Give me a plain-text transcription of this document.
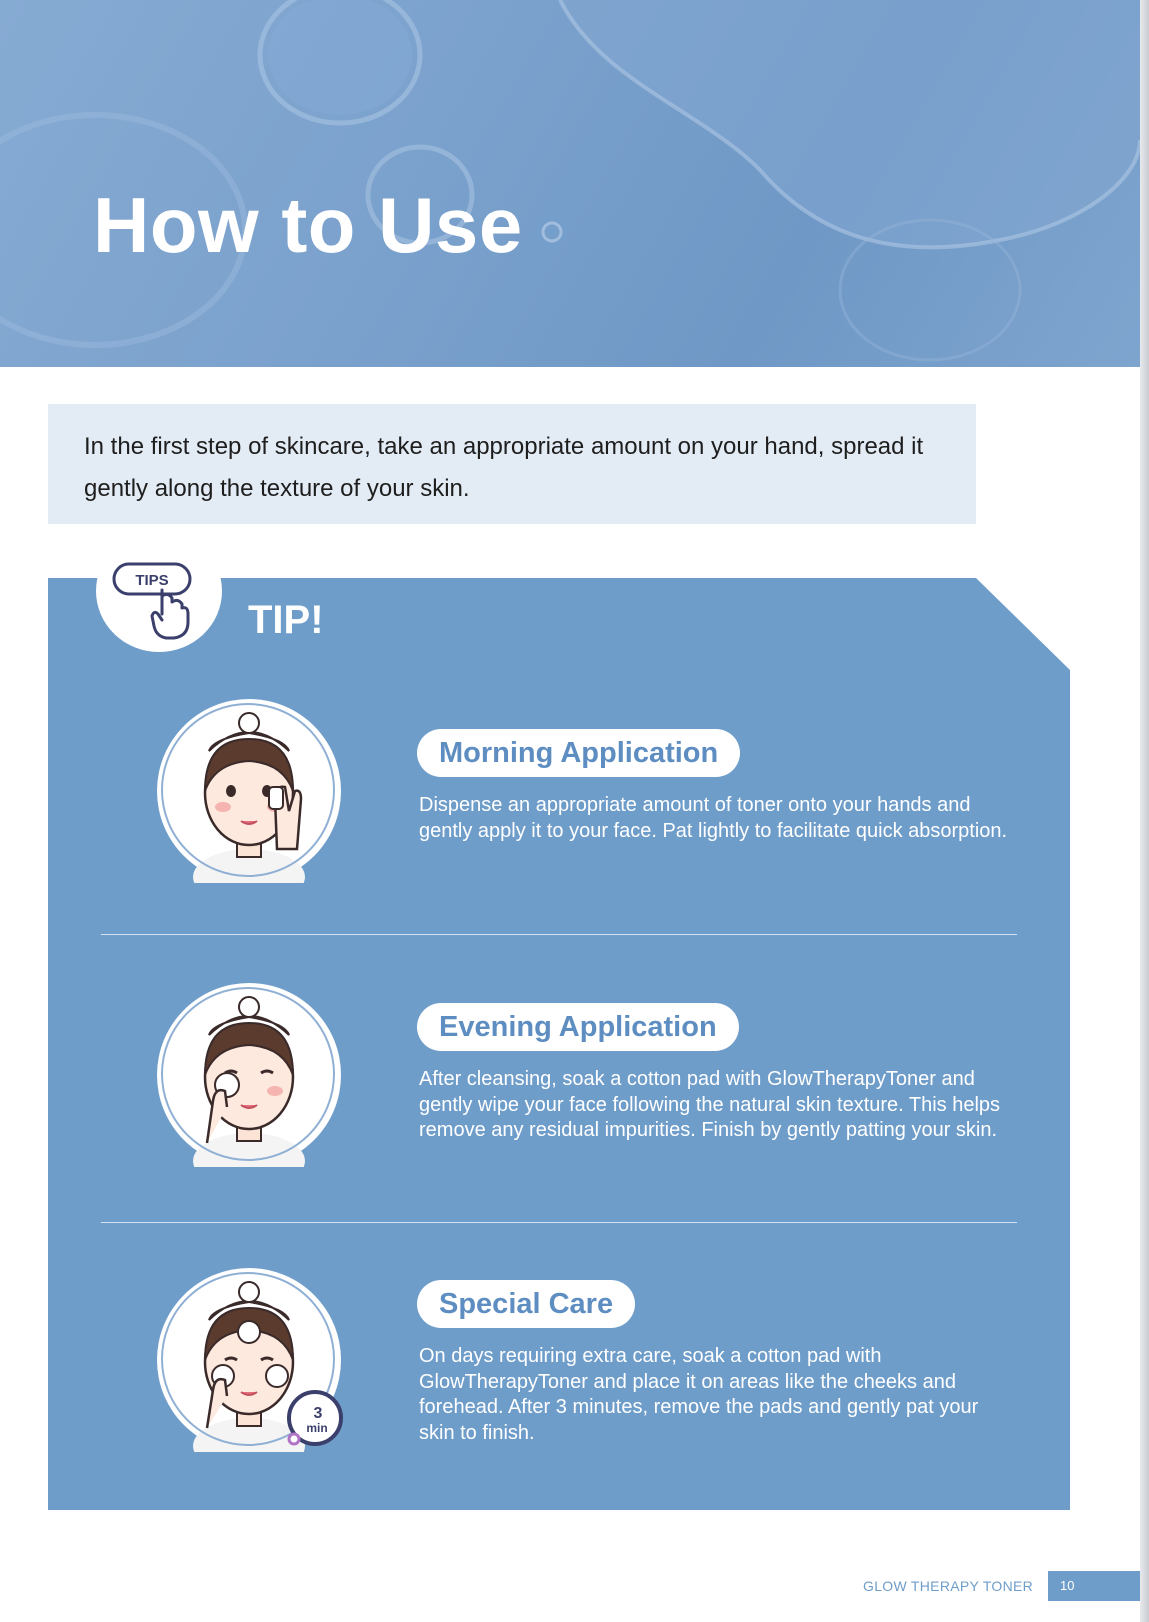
How to Use

In the first step of skincare, take an appropriate amount on your hand, spread it gently along the texture of your skin.

TIPS
TIP!
Morning Application

Dispense an appropriate amount of toner onto your hands and gently apply it to your face. Pat lightly to facilitate quick absorption.

Evening Application

After cleansing, soak a cotton pad with GlowTherapyToner and gently wipe your face following the natural skin texture. This helps remove any residual impurities. Finish by gently patting your skin.

3
min
Special Care

On days requiring extra care, soak a cotton pad with GlowTherapyToner and place it on areas like the cheeks and forehead. After 3 minutes, remove the pads and gently pat your skin to finish.

GLOW THERAPY TONER 10
